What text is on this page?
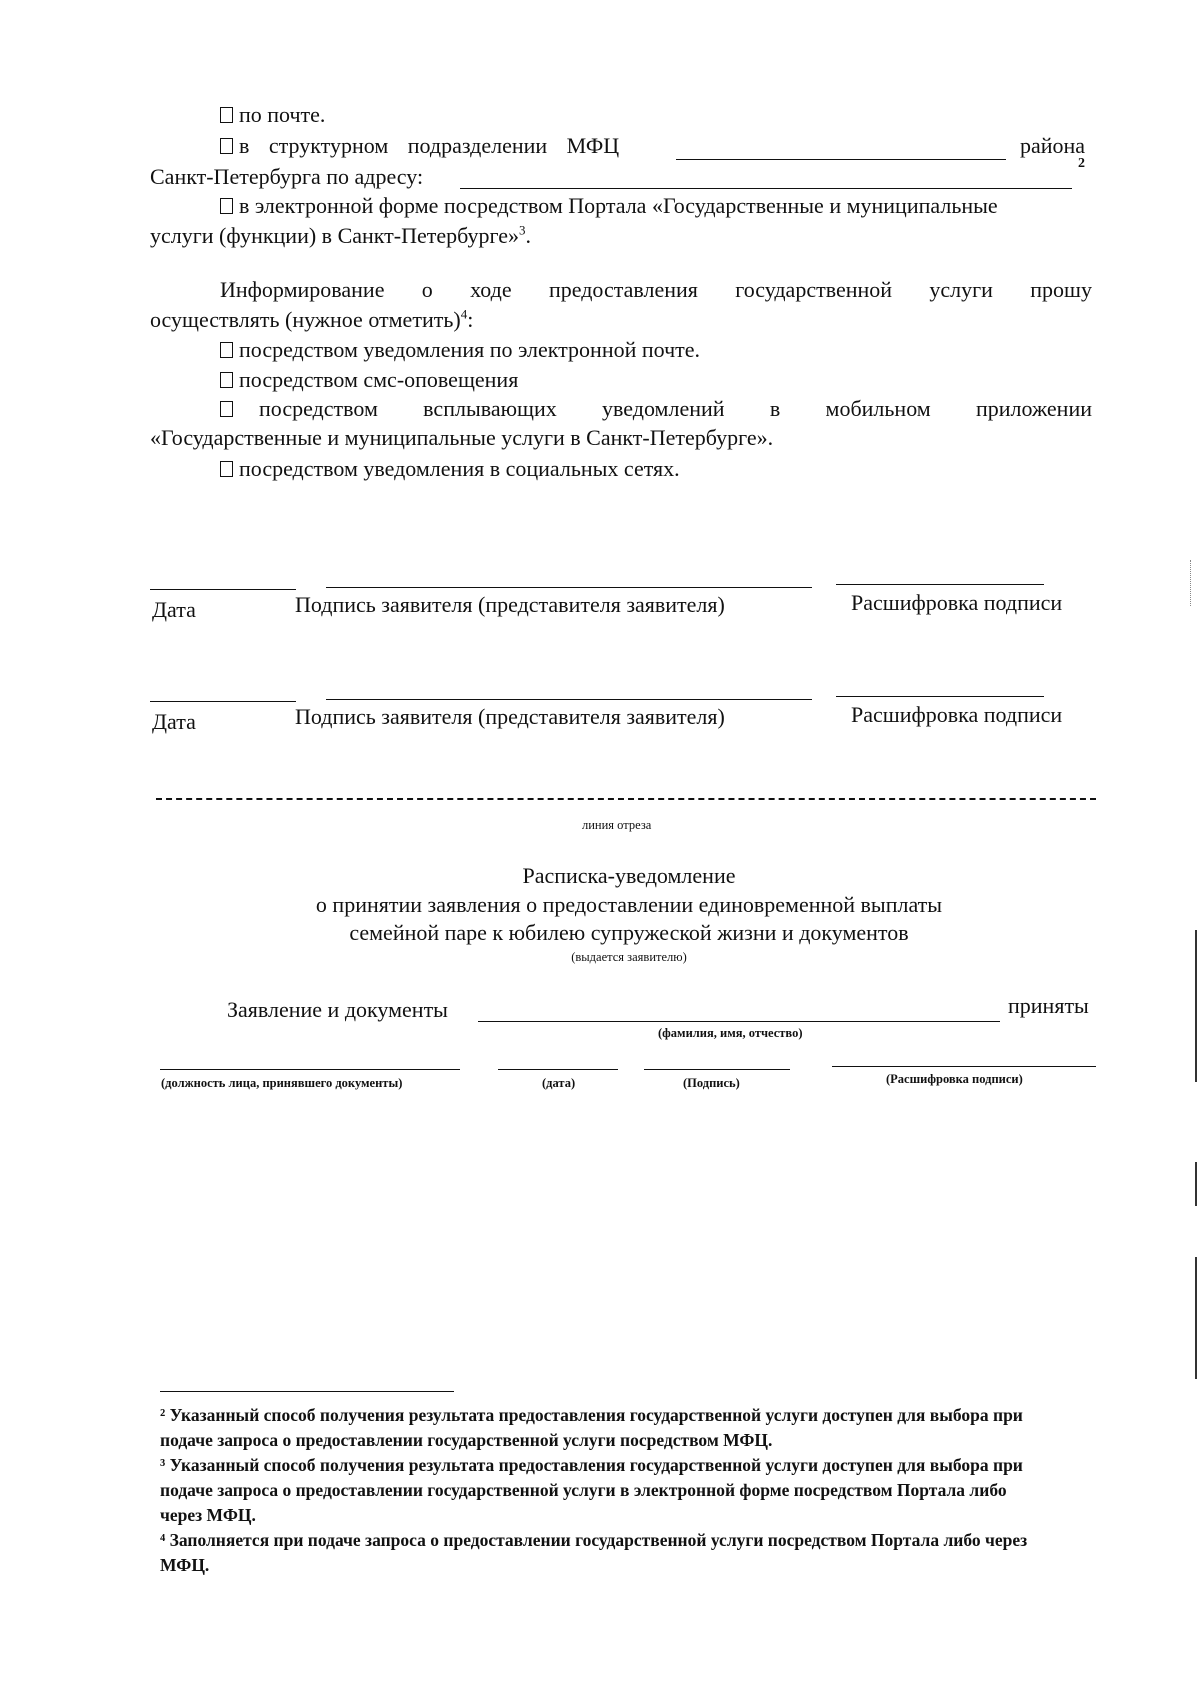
по почте.
в структурном подразделении МФЦ	района
2
Санкт-Петербурга по адресу:
в электронной форме посредством Портала «Государственные и муниципальные
услуги (функции) в Санкт-Петербурге»$^3$.
Информирование о ходе предоставления государственной услуги прошу
осуществлять (нужное отметить)$^4$:
посредством уведомления по электронной почте.
посредством смс-оповещения
посредством всплывающих уведомлений в мобильном приложении
«Государственные и муниципальные услуги в Санкт-Петербурге».
посредством уведомления в социальных сетях.
Дата	Подпись заявителя (представителя заявителя)	Расшифровка подписи
Дата	Подпись заявителя (представителя заявителя)	Расшифровка подписи
линия отреза
Расписка-уведомление
о принятии заявления о предоставлении единовременной выплаты
семейной паре к юбилею супружеской жизни и документов
(выдается заявителю)
Заявление и документы	приняты
(фамилия, имя, отчество)
(должность лица, принявшего документы)	(дата)	(Подпись)	(Расшифровка подписи)
² Указанный способ получения результата предоставления государственной услуги доступен для выбора при
подаче запроса о предоставлении государственной услуги посредством МФЦ.
³ Указанный способ получения результата предоставления государственной услуги доступен для выбора при
подаче запроса о предоставлении государственной услуги в электронной форме посредством Портала либо
через МФЦ.
⁴ Заполняется при подаче запроса о предоставлении государственной услуги посредством Портала либо через
МФЦ.
